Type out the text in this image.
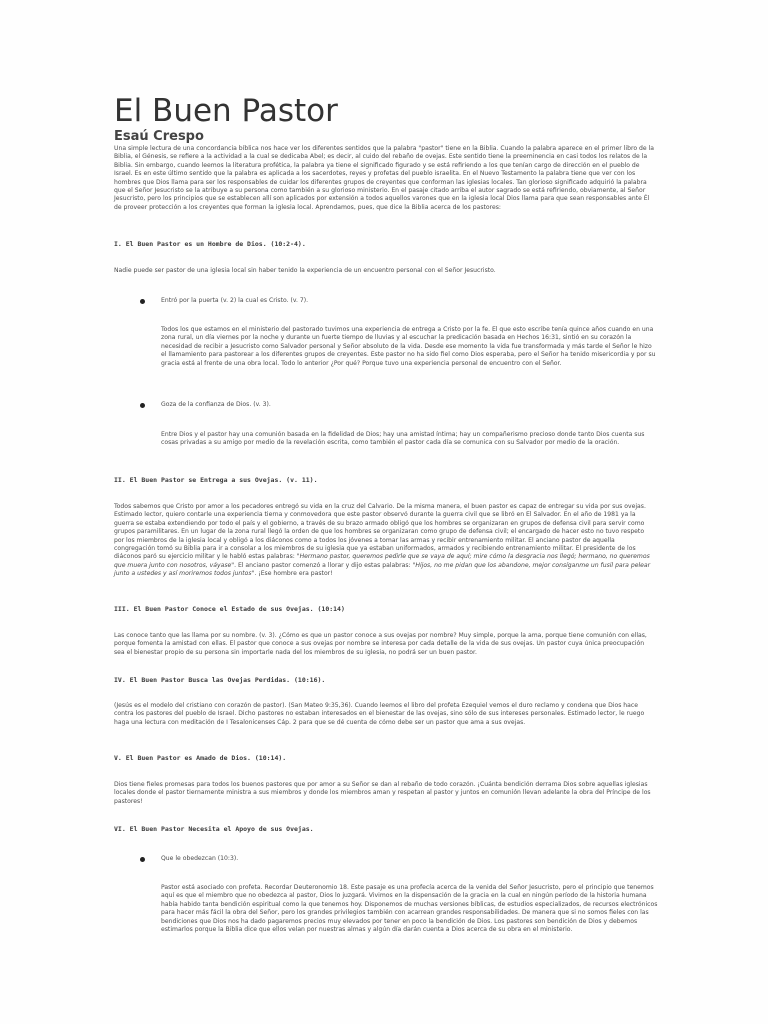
El Buen Pastor
Esaú Crespo

Una simple lectura de una concordancia bíblica nos hace ver los diferentes sentidos que la palabra "pastor" tiene en la Biblia. Cuando la palabra aparece en el primer libro de la Biblia, el Génesis, se refiere a la actividad a la cual se dedicaba Abel; es decir, al cuido del rebaño de ovejas. Este sentido tiene la preeminencia en casi todos los relatos de la Biblia. Sin embargo, cuando leemos la literatura profética, la palabra ya tiene el significado figurado y se está refiriendo a los que tenían cargo de dirección en el pueblo de Israel. Es en este último sentido que la palabra es aplicada a los sacerdotes, reyes y profetas del pueblo israelita. En el Nuevo Testamento la palabra tiene que ver con los hombres que Dios llama para ser los responsables de cuidar los diferentes grupos de creyentes que conforman las iglesias locales. Tan glorioso significado adquirió la palabra que el Señor Jesucristo se la atribuye a su persona como también a su glorioso ministerio. En el pasaje citado arriba el autor sagrado se está refiriendo, obviamente, al Señor Jesucristo, pero los principios que se establecen allí son aplicados por extensión a todos aquellos varones que en la iglesia local Dios llama para que sean responsables ante Él de proveer protección a los creyentes que forman la iglesia local. Aprendamos, pues, que dice la Biblia acerca de los pastores:

I. El Buen Pastor es un Hombre de Dios. (10:2-4).

Nadie puede ser pastor de una iglesia local sin haber tenido la experiencia de un encuentro personal con el Señor Jesucristo.

Entró por la puerta (v. 2) la cual es Cristo. (v. 7).

Todos los que estamos en el ministerio del pastorado tuvimos una experiencia de entrega a Cristo por la fe. El que esto escribe tenía quince años cuando en una zona rural, un día viernes por la noche y durante un fuerte tiempo de lluvias y al escuchar la predicación basada en Hechos 16:31, sintió en su corazón la necesidad de recibir a Jesucristo como Salvador personal y Señor absoluto de la vida. Desde ese momento la vida fue transformada y más tarde el Señor le hizo el llamamiento para pastorear a los diferentes grupos de creyentes. Este pastor no ha sido fiel como Dios esperaba, pero el Señor ha tenido misericordia y por su gracia está al frente de una obra local. Todo lo anterior ¿Por qué? Porque tuvo una experiencia personal de encuentro con el Señor.

Goza de la confianza de Dios. (v. 3).

Entre Dios y el pastor hay una comunión basada en la fidelidad de Dios; hay una amistad íntima; hay un compañerismo precioso donde tanto Dios cuenta sus cosas privadas a su amigo por medio de la revelación escrita, como también el pastor cada día se comunica con su Salvador por medio de la oración.

II. El Buen Pastor se Entrega a sus Ovejas. (v. 11).

Todos sabemos que Cristo por amor a los pecadores entregó su vida en la cruz del Calvario. De la misma manera, el buen pastor es capaz de entregar su vida por sus ovejas. Estimado lector, quiero contarle una experiencia tierna y conmovedora que este pastor observó durante la guerra civil que se libró en El Salvador. En el año de 1981 ya la guerra se estaba extendiendo por todo el país y el gobierno, a través de su brazo armado obligó que los hombres se organizaran en grupos de defensa civil para servir como grupos paramilitares. En un lugar de la zona rural llegó la orden de que los hombres se organizaran como grupo de defensa civil; el encargado de hacer esto no tuvo respeto por los miembros de la iglesia local y obligó a los diáconos como a todos los jóvenes a tomar las armas y recibir entrenamiento militar. El anciano pastor de aquella congregación tomó su Biblia para ir a consolar a los miembros de su iglesia que ya estaban uniformados, armados y recibiendo entrenamiento militar. El presidente de los diáconos paró su ejercicio militar y le habló estas palabras: "Hermano pastor, queremos pedirle que se vaya de aquí; mire cómo la desgracia nos llegó; hermano, no queremos que muera junto con nosotros, váyase". El anciano pastor comenzó a llorar y dijo estas palabras: "Hijos, no me pidan que los abandone, mejor consíganme un fusil para pelear junto a ustedes y así moriremos todos juntos". ¡Ese hombre era pastor!

III. El Buen Pastor Conoce el Estado de sus Ovejas. (10:14)

Las conoce tanto que las llama por su nombre. (v. 3). ¿Cómo es que un pastor conoce a sus ovejas por nombre? Muy simple, porque la ama, porque tiene comunión con ellas, porque fomenta la amistad con ellas. El pastor que conoce a sus ovejas por nombre se interesa por cada detalle de la vida de sus ovejas. Un pastor cuya única preocupación sea el bienestar propio de su persona sin importarle nada del los miembros de su iglesia, no podrá ser un buen pastor.

IV. El Buen Pastor Busca las Ovejas Perdidas. (10:16).

(Jesús es el modelo del cristiano con corazón de pastor). (San Mateo 9:35,36). Cuando leemos el libro del profeta Ezequiel vemos el duro reclamo y condena que Dios hace contra los pastores del pueblo de Israel. Dicho pastores no estaban interesados en el bienestar de las ovejas, sino sólo de sus intereses personales. Estimado lector, le ruego haga una lectura con meditación de I Tesalonicenses Cáp. 2 para que se dé cuenta de cómo debe ser un pastor que ama a sus ovejas.

V. El Buen Pastor es Amado de Dios. (10:14).

Dios tiene fieles promesas para todos los buenos pastores que por amor a su Señor se dan al rebaño de todo corazón. ¡Cuánta bendición derrama Dios sobre aquellas iglesias locales donde el pastor tiernamente ministra a sus miembros y donde los miembros aman y respetan al pastor y juntos en comunión llevan adelante la obra del Príncipe de los pastores!

VI. El Buen Pastor Necesita el Apoyo de sus Ovejas.
Que le obedezcan (10:3).

Pastor está asociado con profeta. Recordar Deuteronomio 18. Este pasaje es una profecía acerca de la venida del Señor Jesucristo, pero el principio que tenemos aquí es que el miembro que no obedezca al pastor, Dios lo juzgará. Vivimos en la dispensación de la gracia en la cual en ningún período de la historia humana había habido tanta bendición espiritual como la que tenemos hoy. Disponemos de muchas versiones bíblicas, de estudios especializados, de recursos electrónicos para hacer más fácil la obra del Señor, pero los grandes privilegios también con acarrean grandes responsabilidades. De manera que si no somos fieles con las bendiciones que Dios nos ha dado pagaremos precios muy elevados por tener en poco la bendición de Dios. Los pastores son bendición de Dios y debemos estimarlos porque la Biblia dice que ellos velan por nuestras almas y algún día darán cuenta a Dios acerca de su obra en el ministerio.
